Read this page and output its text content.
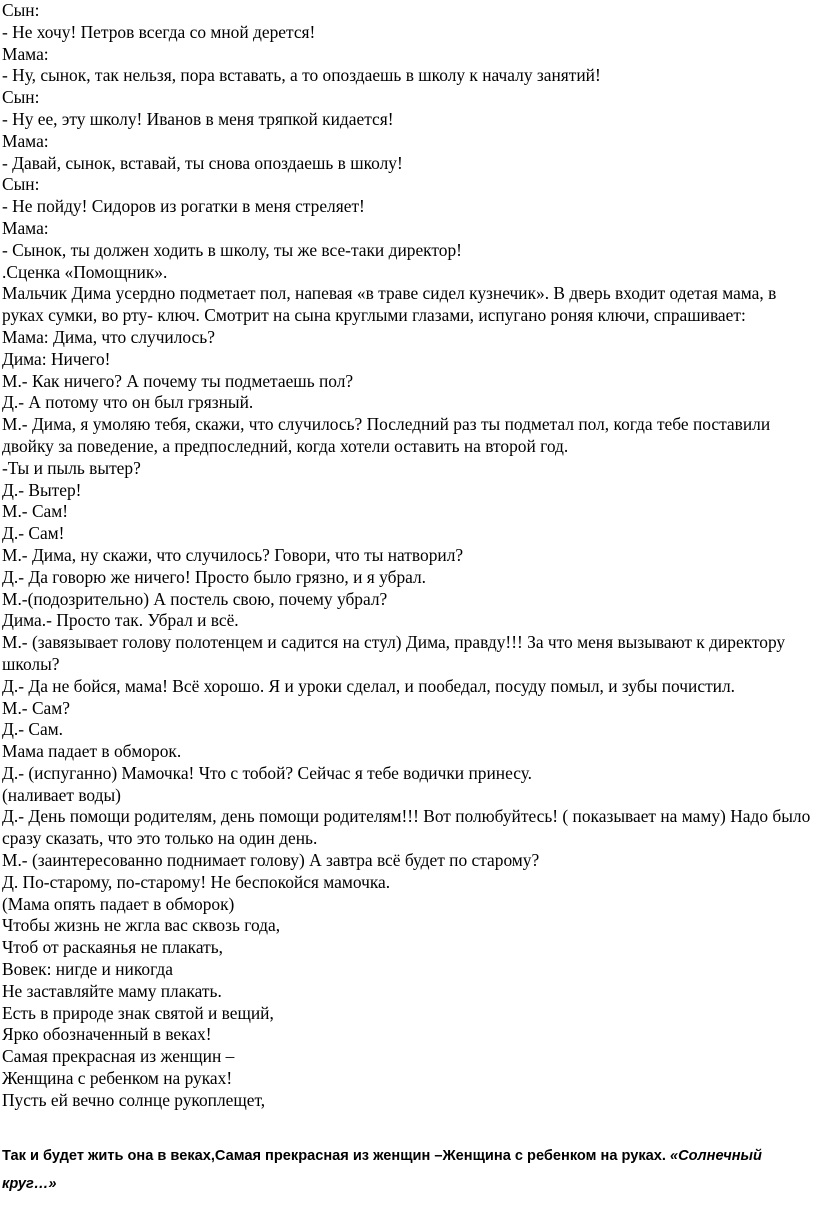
Сын:
- Не хочу! Петров всегда со мной дерется!
Мама:
- Ну, сынок, так нельзя, пора вставать, а то опоздаешь в школу к началу занятий!
Сын:
- Ну ее, эту школу! Иванов в меня тряпкой кидается!
Мама:
- Давай, сынок, вставай, ты снова опоздаешь в школу!
Сын:
- Не пойду! Сидоров из рогатки в меня стреляет!
Мама:
- Сынок, ты должен ходить в школу, ты же все-таки директор!
.Сценка «Помощник».
Мальчик Дима усердно подметает пол, напевая «в траве сидел кузнечик». В дверь входит одетая мама, в руках сумки, во рту- ключ. Смотрит на сына круглыми глазами, испугано роняя ключи, спрашивает:
Мама: Дима, что случилось?
Дима: Ничего!
М.- Как ничего? А почему ты подметаешь пол?
Д.- А потому что он был грязный.
М.- Дима, я умоляю тебя, скажи, что случилось? Последний раз ты подметал пол, когда тебе поставили двойку за поведение, а предпоследний, когда хотели оставить на второй год.
-Ты и пыль вытер?
Д.- Вытер!
М.- Сам!
Д.- Сам!
М.- Дима, ну скажи, что случилось? Говори, что ты натворил?
Д.- Да говорю же ничего! Просто было грязно, и я убрал.
М.-(подозрительно) А постель свою, почему убрал?
Дима.- Просто так. Убрал и всё.
М.- (завязывает голову полотенцем и садится на стул) Дима, правду!!! За что меня вызывают к директору школы?
Д.- Да не бойся, мама! Всё хорошо. Я и уроки сделал, и пообедал, посуду помыл, и зубы почистил.
М.- Сам?
Д.- Сам.
Мама падает в обморок.
Д.- (испуганно) Мамочка! Что с тобой? Сейчас я тебе водички принесу.
(наливает воды)
Д.- День помощи родителям, день помощи родителям!!! Вот полюбуйтесь! ( показывает на маму) Надо было сразу сказать, что это только на один день.
М.- (заинтересованно поднимает голову) А завтра всё будет по старому?
Д. По-старому, по-старому! Не беспокойся мамочка.
(Мама опять падает в обморок)
Чтобы жизнь не жгла вас сквозь года,
Чтоб от раскаянья не плакать,
Вовек: нигде и никогда
Не заставляйте маму плакать.
Есть в природе знак святой и вещий,
Ярко обозначенный в веках!
Самая прекрасная из женщин –
Женщина с ребенком на руках!
Пусть ей вечно солнце рукоплещет,
Так и будет жить она в веках,Самая прекрасная из женщин –Женщина с ребенком на руках. «Солнечный круг…»
